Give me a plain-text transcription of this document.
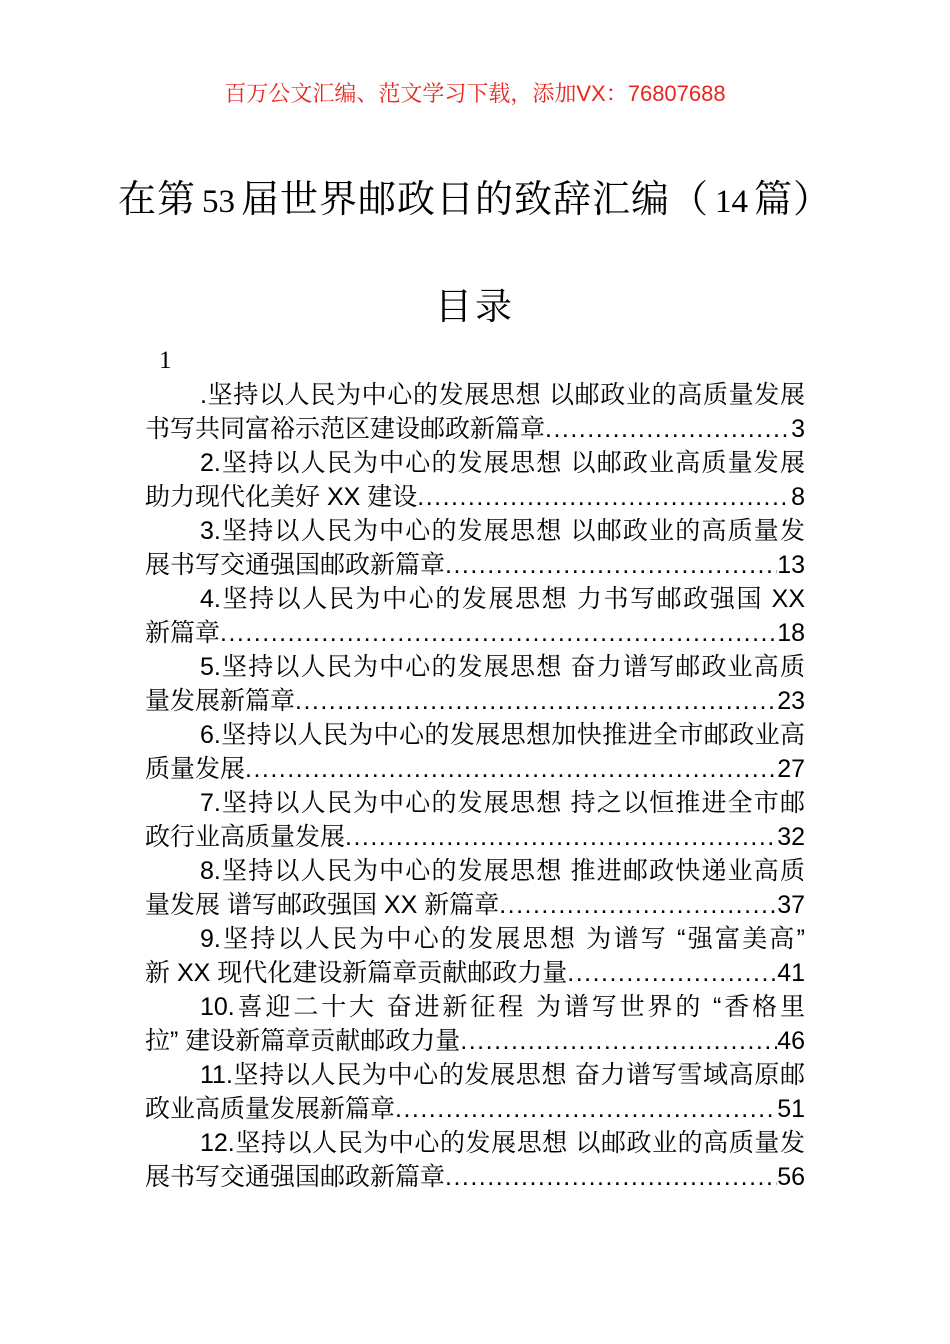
百万公文汇编、范文学习下载，添加VX：76807688
在第 53 届世界邮政日的致辞汇编（ 14 篇）
目录
1
.坚持以人民为中心的发展思想 以邮政业的高质量发展
书写共同富裕示范区建设邮政新篇章 .....	3
2.坚持以人民为中心的发展思想 以邮政业高质量发展
助力现代化美好 XX 建设 .....	8
3.坚持以人民为中心的发展思想 以邮政业的高质量发
展书写交通强国邮政新篇章 .....	13
4.坚持以人民为中心的发展思想 力书写邮政强国 XX
新篇章 .....	18
5.坚持以人民为中心的发展思想 奋力谱写邮政业高质
量发展新篇章 .....	23
6.坚持以人民为中心的发展思想加快推进全市邮政业高
质量发展 .....	27
7.坚持以人民为中心的发展思想 持之以恒推进全市邮
政行业高质量发展 .....	32
8.坚持以人民为中心的发展思想 推进邮政快递业高质
量发展 谱写邮政强国 XX 新篇章 .....	37
9.坚持以人民为中心的发展思想 为谱写 “强富美高”
新 XX 现代化建设新篇章贡献邮政力量 .....	41
10.喜迎二十大 奋进新征程 为谱写世界的 “香格里
拉” 建设新篇章贡献邮政力量 .....	46
11.坚持以人民为中心的发展思想 奋力谱写雪域高原邮
政业高质量发展新篇章 .....	51
12.坚持以人民为中心的发展思想 以邮政业的高质量发
展书写交通强国邮政新篇章 .....	56
